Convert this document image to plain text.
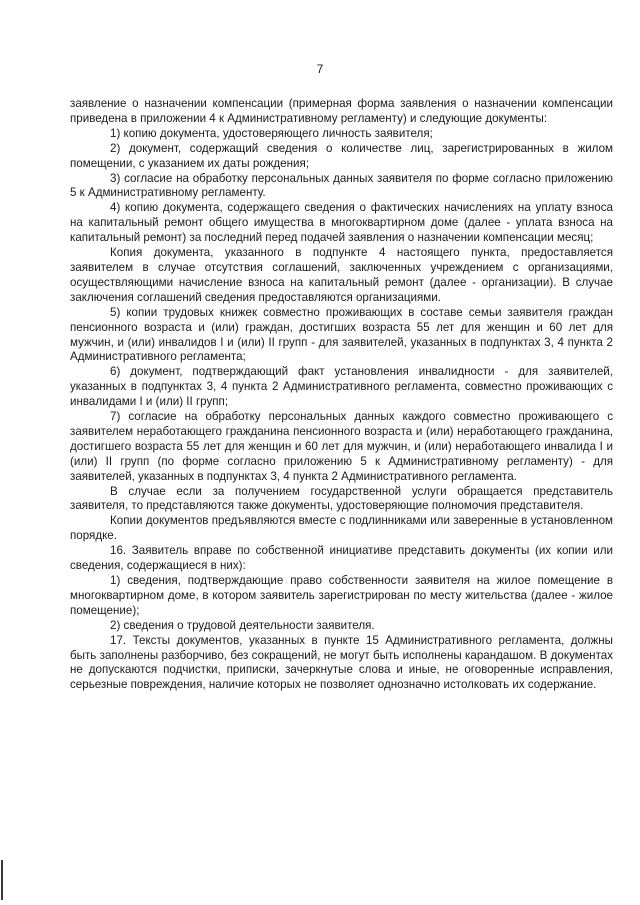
7

заявление о назначении компенсации (примерная форма заявления о назначении компенсации приведена в приложении 4 к Административному регламенту) и следующие документы:

1) копию документа, удостоверяющего личность заявителя;

2) документ, содержащий сведения о количестве лиц, зарегистрированных в жилом помещении, с указанием их даты рождения;

3) согласие на обработку персональных данных заявителя по форме согласно приложению 5 к Административному регламенту.

4) копию документа, содержащего сведения о фактических начислениях на уплату взноса на капитальный ремонт общего имущества в многоквартирном доме (далее - уплата взноса на капитальный ремонт) за последний перед подачей заявления о назначении компенсации месяц;

Копия документа, указанного в подпункте 4 настоящего пункта, предоставляется заявителем в случае отсутствия соглашений, заключенных учреждением с организациями, осуществляющими начисление взноса на капитальный ремонт (далее - организации). В случае заключения соглашений сведения предоставляются организациями.

5) копии трудовых книжек совместно проживающих в составе семьи заявителя граждан пенсионного возраста и (или) граждан, достигших возраста 55 лет для женщин и 60 лет для мужчин, и (или) инвалидов I и (или) II групп - для заявителей, указанных в подпунктах 3, 4 пункта 2 Административного регламента;

6) документ, подтверждающий факт установления инвалидности - для заявителей, указанных в подпунктах 3, 4 пункта 2 Административного регламента, совместно проживающих с инвалидами I и (или) II групп;

7) согласие на обработку персональных данных каждого совместно проживающего с заявителем неработающего гражданина пенсионного возраста и (или) неработающего гражданина, достигшего возраста 55 лет для женщин и 60 лет для мужчин, и (или) неработающего инвалида I и (или) II групп (по форме согласно приложению 5 к Административному регламенту) - для заявителей, указанных в подпунктах 3, 4 пункта 2 Административного регламента.

В случае если за получением государственной услуги обращается представитель заявителя, то представляются также документы, удостоверяющие полномочия представителя.

Копии документов предъявляются вместе с подлинниками или заверенные в установленном порядке.

16. Заявитель вправе по собственной инициативе представить документы (их копии или сведения, содержащиеся в них):

1) сведения, подтверждающие право собственности заявителя на жилое помещение в многоквартирном доме, в котором заявитель зарегистрирован по месту жительства (далее - жилое помещение);

2) сведения о трудовой деятельности заявителя.

17. Тексты документов, указанных в пункте 15 Административного регламента, должны быть заполнены разборчиво, без сокращений, не могут быть исполнены карандашом. В документах не допускаются подчистки, приписки, зачеркнутые слова и иные, не оговоренные исправления, серьезные повреждения, наличие которых не позволяет однозначно истолковать их содержание.
